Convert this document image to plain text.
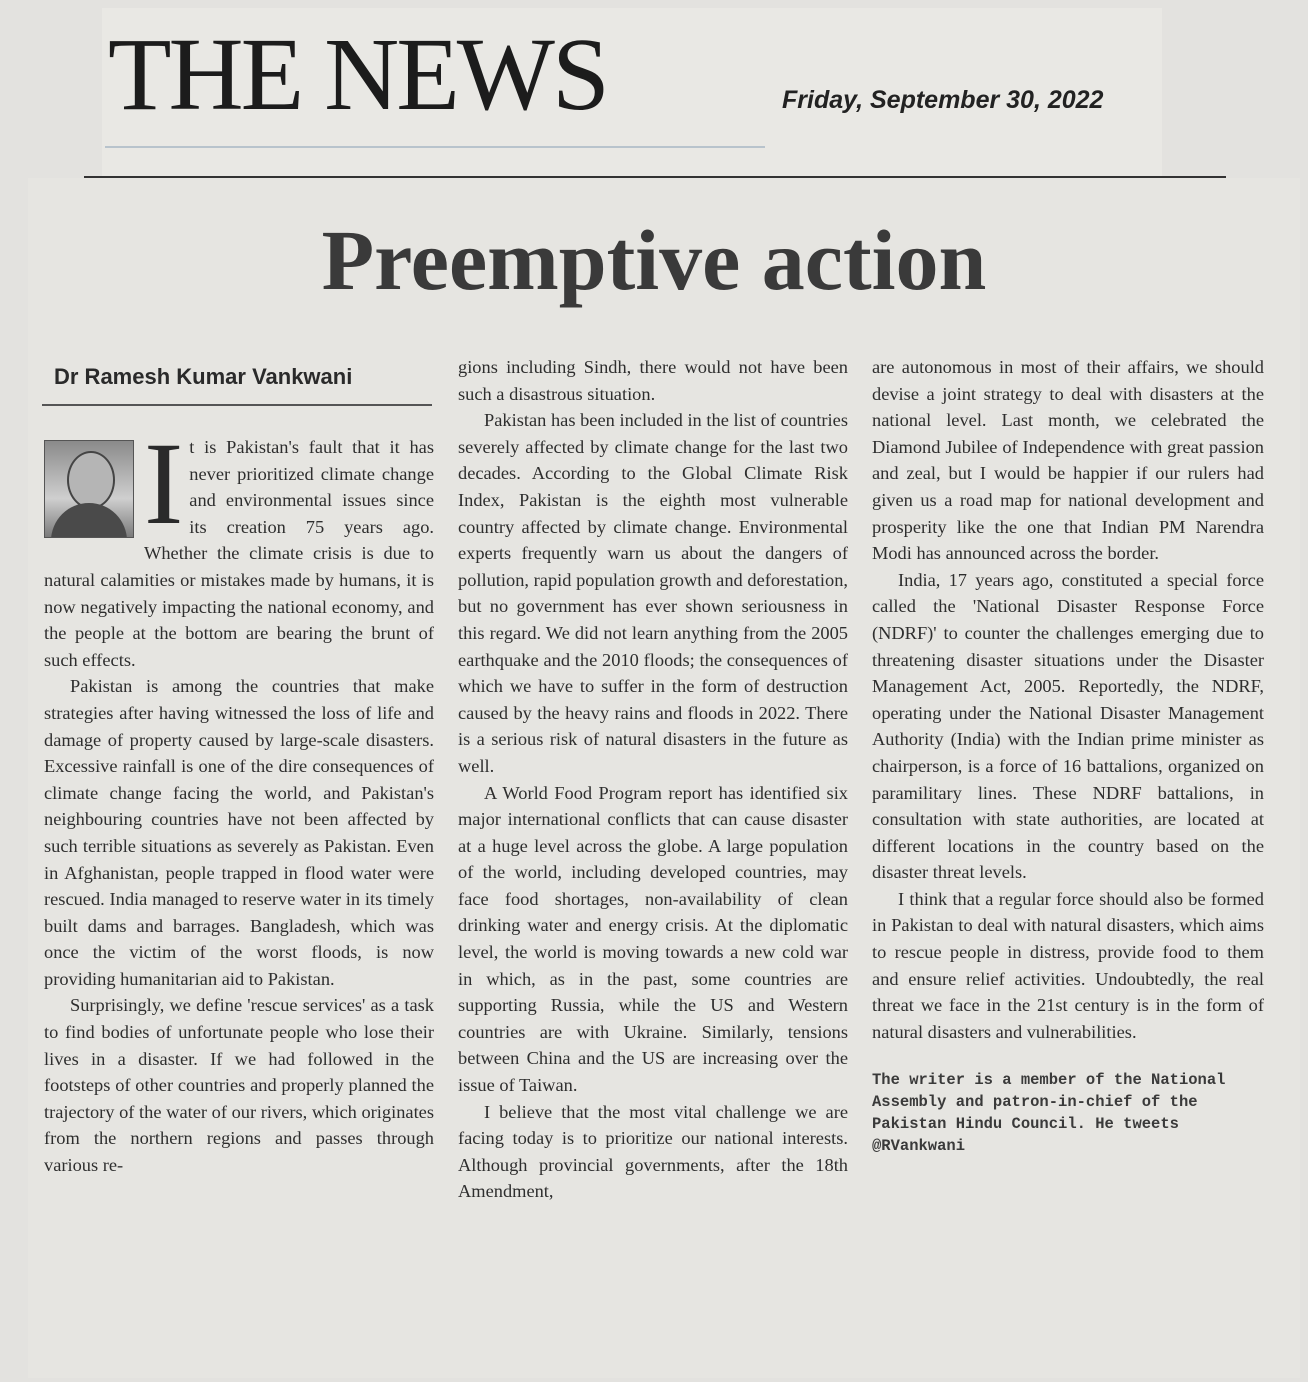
THE NEWS	Friday, September 30, 2022
Preemptive action
Dr Ramesh Kumar Vankwani
I t is Pakistan's fault that it has never prioritized climate change and environmental issues since its creation 75 years ago. Whether the climate crisis is due to natural calamities or mistakes made by humans, it is now negatively impacting the national economy, and the people at the bottom are bearing the brunt of such effects.

Pakistan is among the countries that make strategies after having witnessed the loss of life and damage of property caused by large-scale disasters. Excessive rainfall is one of the dire consequences of climate change facing the world, and Pakistan's neighbouring countries have not been affected by such terrible situations as severely as Pakistan. Even in Afghanistan, people trapped in flood water were rescued. India managed to reserve water in its timely built dams and barrages. Bangladesh, which was once the victim of the worst floods, is now providing humanitarian aid to Pakistan.

Surprisingly, we define 'rescue services' as a task to find bodies of unfortunate people who lose their lives in a disaster. If we had followed in the footsteps of other countries and properly planned the trajectory of the water of our rivers, which originates from the northern regions and passes through various re-

gions including Sindh, there would not have been such a disastrous situation.

Pakistan has been included in the list of countries severely affected by climate change for the last two decades. According to the Global Climate Risk Index, Pakistan is the eighth most vulnerable country affected by climate change. Environmental experts frequently warn us about the dangers of pollution, rapid population growth and deforestation, but no government has ever shown seriousness in this regard. We did not learn anything from the 2005 earthquake and the 2010 floods; the consequences of which we have to suffer in the form of destruction caused by the heavy rains and floods in 2022. There is a serious risk of natural disasters in the future as well.

A World Food Program report has identified six major international conflicts that can cause disaster at a huge level across the globe. A large population of the world, including developed countries, may face food shortages, non-availability of clean drinking water and energy crisis. At the diplomatic level, the world is moving towards a new cold war in which, as in the past, some countries are supporting Russia, while the US and Western countries are with Ukraine. Similarly, tensions between China and the US are increasing over the issue of Taiwan.

I believe that the most vital challenge we are facing today is to prioritize our national interests. Although provincial governments, after the 18th Amendment,

are autonomous in most of their affairs, we should devise a joint strategy to deal with disasters at the national level. Last month, we celebrated the Diamond Jubilee of Independence with great passion and zeal, but I would be happier if our rulers had given us a road map for national development and prosperity like the one that Indian PM Narendra Modi has announced across the border.

India, 17 years ago, constituted a special force called the 'National Disaster Response Force (NDRF)' to counter the challenges emerging due to threatening disaster situations under the Disaster Management Act, 2005. Reportedly, the NDRF, operating under the National Disaster Management Authority (India) with the Indian prime minister as chairperson, is a force of 16 battalions, organized on paramilitary lines. These NDRF battalions, in consultation with state authorities, are located at different locations in the country based on the disaster threat levels.

I think that a regular force should also be formed in Pakistan to deal with natural disasters, which aims to rescue people in distress, provide food to them and ensure relief activities. Undoubtedly, the real threat we face in the 21st century is in the form of natural disasters and vulnerabilities.

The writer is a member of the National Assembly and patron-in-chief of the Pakistan Hindu Council. He tweets @RVankwani
